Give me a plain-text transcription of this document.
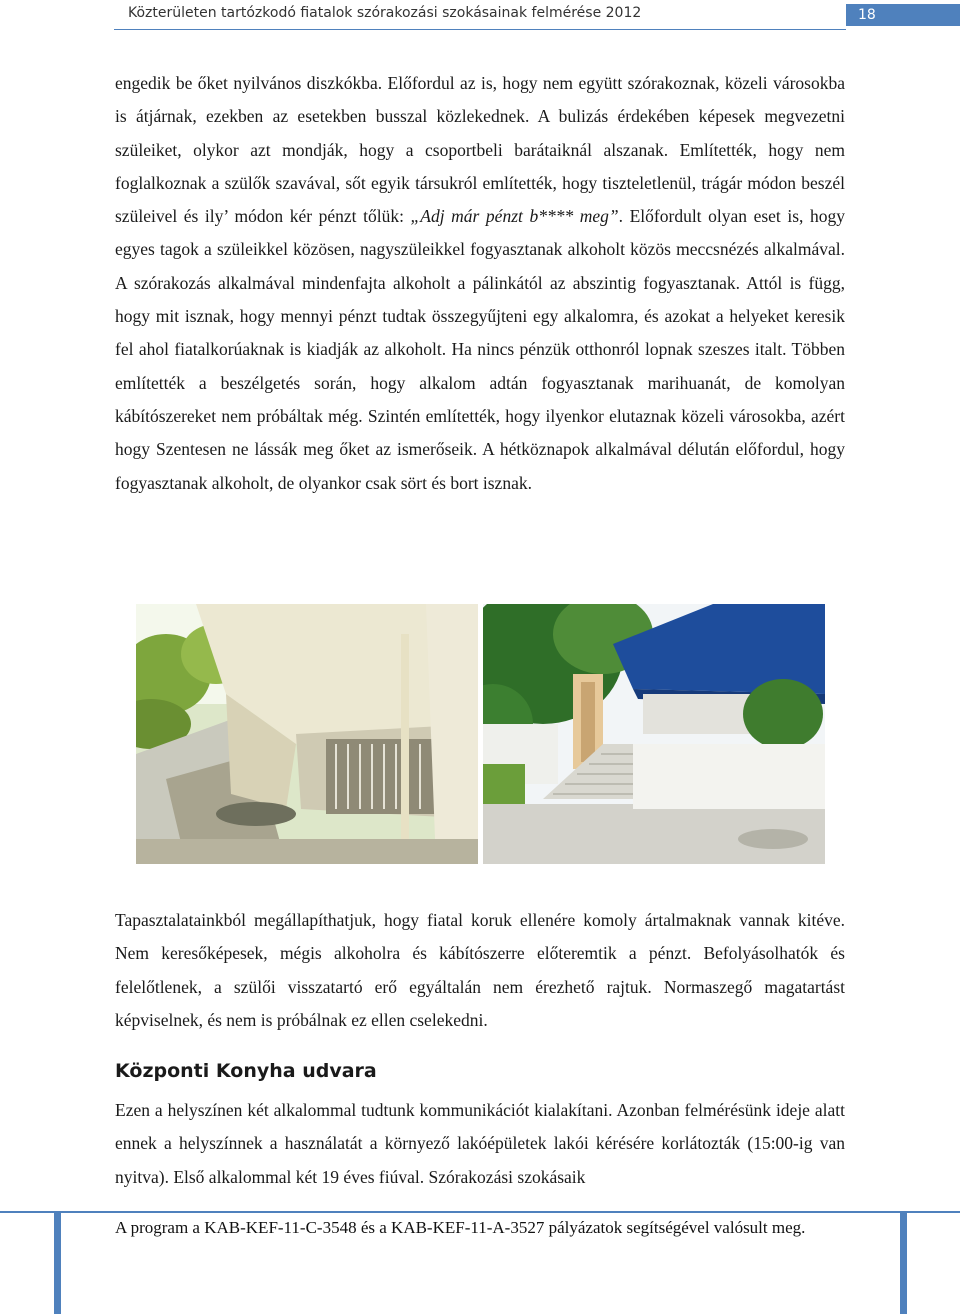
Közterületen tartózkodó fiatalok szórakozási szokásainak felmérése 2012	18

engedik be őket nyilvános diszkókba. Előfordul az is, hogy nem együtt szórakoznak, közeli városokba is átjárnak, ezekben az esetekben busszal közlekednek. A bulizás érdekében képesek megvezetni szüleiket, olykor azt mondják, hogy a csoportbeli barátaiknál alszanak. Említették, hogy nem foglalkoznak a szülők szavával, sőt egyik társukról említették, hogy tiszteletlenül, trágár módon beszél szüleivel és ily’ módon kér pénzt tőlük: „Adj már pénzt b**** meg”. Előfordult olyan eset is, hogy egyes tagok a szüleikkel közösen, nagyszüleikkel fogyasztanak alkoholt közös meccsnézés alkalmával. A szórakozás alkalmával mindenfajta alkoholt a pálinkától az abszintig fogyasztanak. Attól is függ, hogy mit isznak, hogy mennyi pénzt tudtak összegyűjteni egy alkalomra, és azokat a helyeket keresik fel ahol fiatalkorúaknak is kiadják az alkoholt. Ha nincs pénzük otthonról lopnak szeszes italt. Többen említették a beszélgetés során, hogy alkalom adtán fogyasztanak marihuanát, de komolyan kábítószereket nem próbáltak még. Szintén említették, hogy ilyenkor elutaznak közeli városokba, azért hogy Szentesen ne lássák meg őket az ismerőseik. A hétköznapok alkalmával délután előfordul, hogy fogyasztanak alkoholt, de olyankor csak sört és bort isznak.

Tapasztalatainkból megállapíthatjuk, hogy fiatal koruk ellenére komoly ártalmaknak vannak kitéve. Nem keresőképesek, mégis alkoholra és kábítószerre előteremtik a pénzt. Befolyásolhatók és felelőtlenek, a szülői visszatartó erő egyáltalán nem érezhető rajtuk. Normaszegő magatartást képviselnek, és nem is próbálnak ez ellen cselekedni.

Központi Konyha udvara

Ezen a helyszínen két alkalommal tudtunk kommunikációt kialakítani. Azonban felmérésünk ideje alatt ennek a helyszínnek a használatát a környező lakóépületek lakói kérésére korlátozták (15:00-ig van nyitva). Első alkalommal két 19 éves fiúval. Szórakozási szokásaik

A program a KAB-KEF-11-C-3548 és a KAB-KEF-11-A-3527 pályázatok segítségével valósult meg.
